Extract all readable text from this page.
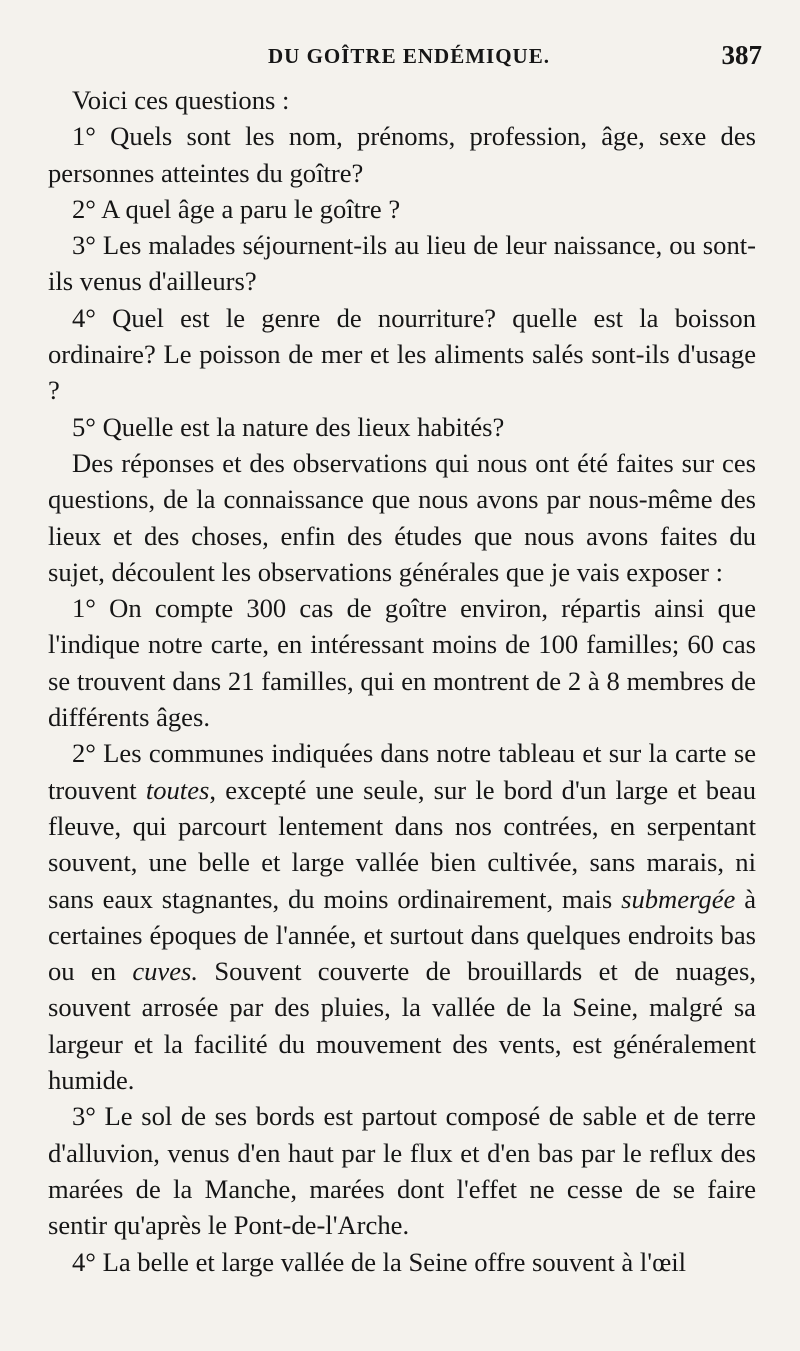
DU GOÎTRE ENDÉMIQUE.	387

Voici ces questions :

1° Quels sont les nom, prénoms, profession, âge, sexe des personnes atteintes du goître?

2° A quel âge a paru le goître ?

3° Les malades séjournent-ils au lieu de leur naissance, ou sont-ils venus d'ailleurs?

4° Quel est le genre de nourriture? quelle est la boisson ordinaire? Le poisson de mer et les aliments salés sont-ils d'usage ?

5° Quelle est la nature des lieux habités?

Des réponses et des observations qui nous ont été faites sur ces questions, de la connaissance que nous avons par nous-même des lieux et des choses, enfin des études que nous avons faites du sujet, découlent les observations générales que je vais exposer :

1° On compte 300 cas de goître environ, répartis ainsi que l'indique notre carte, en intéressant moins de 100 familles; 60 cas se trouvent dans 21 familles, qui en montrent de 2 à 8 membres de différents âges.

2° Les communes indiquées dans notre tableau et sur la carte se trouvent toutes, excepté une seule, sur le bord d'un large et beau fleuve, qui parcourt lentement dans nos contrées, en serpentant souvent, une belle et large vallée bien cultivée, sans marais, ni sans eaux stagnantes, du moins ordinairement, mais submergée à certaines époques de l'année, et surtout dans quelques endroits bas ou en cuves. Souvent couverte de brouillards et de nuages, souvent arrosée par des pluies, la vallée de la Seine, malgré sa largeur et la facilité du mouvement des vents, est généralement humide.

3° Le sol de ses bords est partout composé de sable et de terre d'alluvion, venus d'en haut par le flux et d'en bas par le reflux des marées de la Manche, marées dont l'effet ne cesse de se faire sentir qu'après le Pont-de-l'Arche.

4° La belle et large vallée de la Seine offre souvent à l'œil
